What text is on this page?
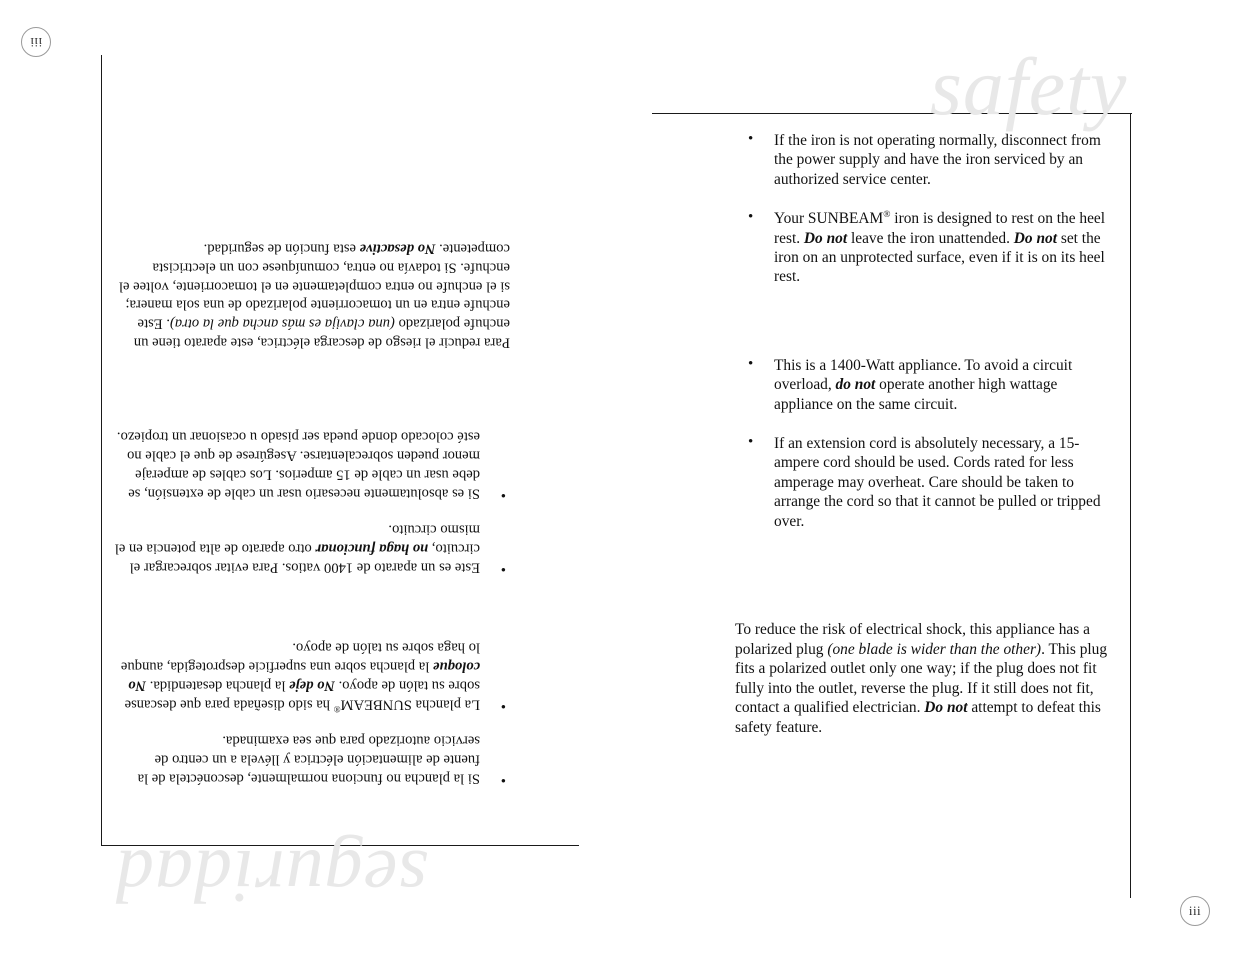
iii
iii
safety
seguridad
• If the iron is not operating normally, disconnect from the power supply and have the iron serviced by an authorized service center.
• Your SUNBEAM® iron is designed to rest on the heel rest. Do not leave the iron unattended. Do not set the iron on an unprotected surface, even if it is on its heel rest.
• This is a 1400-Watt appliance. To avoid a circuit overload, do not operate another high wattage appliance on the same circuit.
• If an extension cord is absolutely necessary, a 15-ampere cord should be used. Cords rated for less amperage may overheat. Care should be taken to arrange the cord so that it cannot be pulled or tripped over.

To reduce the risk of electrical shock, this appliance has a polarized plug (one blade is wider than the other). This plug fits a polarized outlet only one way; if the plug does not fit fully into the outlet, reverse the plug. If it still does not fit, contact a qualified electrician. Do not attempt to defeat this safety feature.

• Si la plancha no funciona normalmente, desconéctela de la fuente de alimentación eléctrica y llévela a un centro de servicio autorizado para que sea examinada.
• La plancha SUNBEAM® ha sido diseñada para que descanse sobre su talón de apoyo. No deje la plancha desatendida. No coloque la plancha sobre una superficie desprotegida, aunque lo haga sobre su talón de apoyo.
• Este es un aparato de 1400 vatios. Para evitar sobrecargar el circuito, no haga funcionar otro aparato de alta potencia en el mismo circuito.
• Si es absolutamente necesario usar un cable de extensión, se debe usar un cable de 15 amperios. Los cables de amperaje menor pueden sobrecalentarse. Asegúrese de que el cable no esté colocado donde pueda ser pisado u ocasionar un tropiezo.

Para reducir el riesgo de descarga eléctrica, este aparato tiene un enchufe polarizado (una clavija es más ancha que la otra). Este enchufe entra en un tomacorriente polarizado de una sola manera; si el enchufe no entra completamente en el tomacorriente, voltee el enchufe. Si todavía no entra, comuníquese con un electricista competente. No desactive esta función de seguridad.
